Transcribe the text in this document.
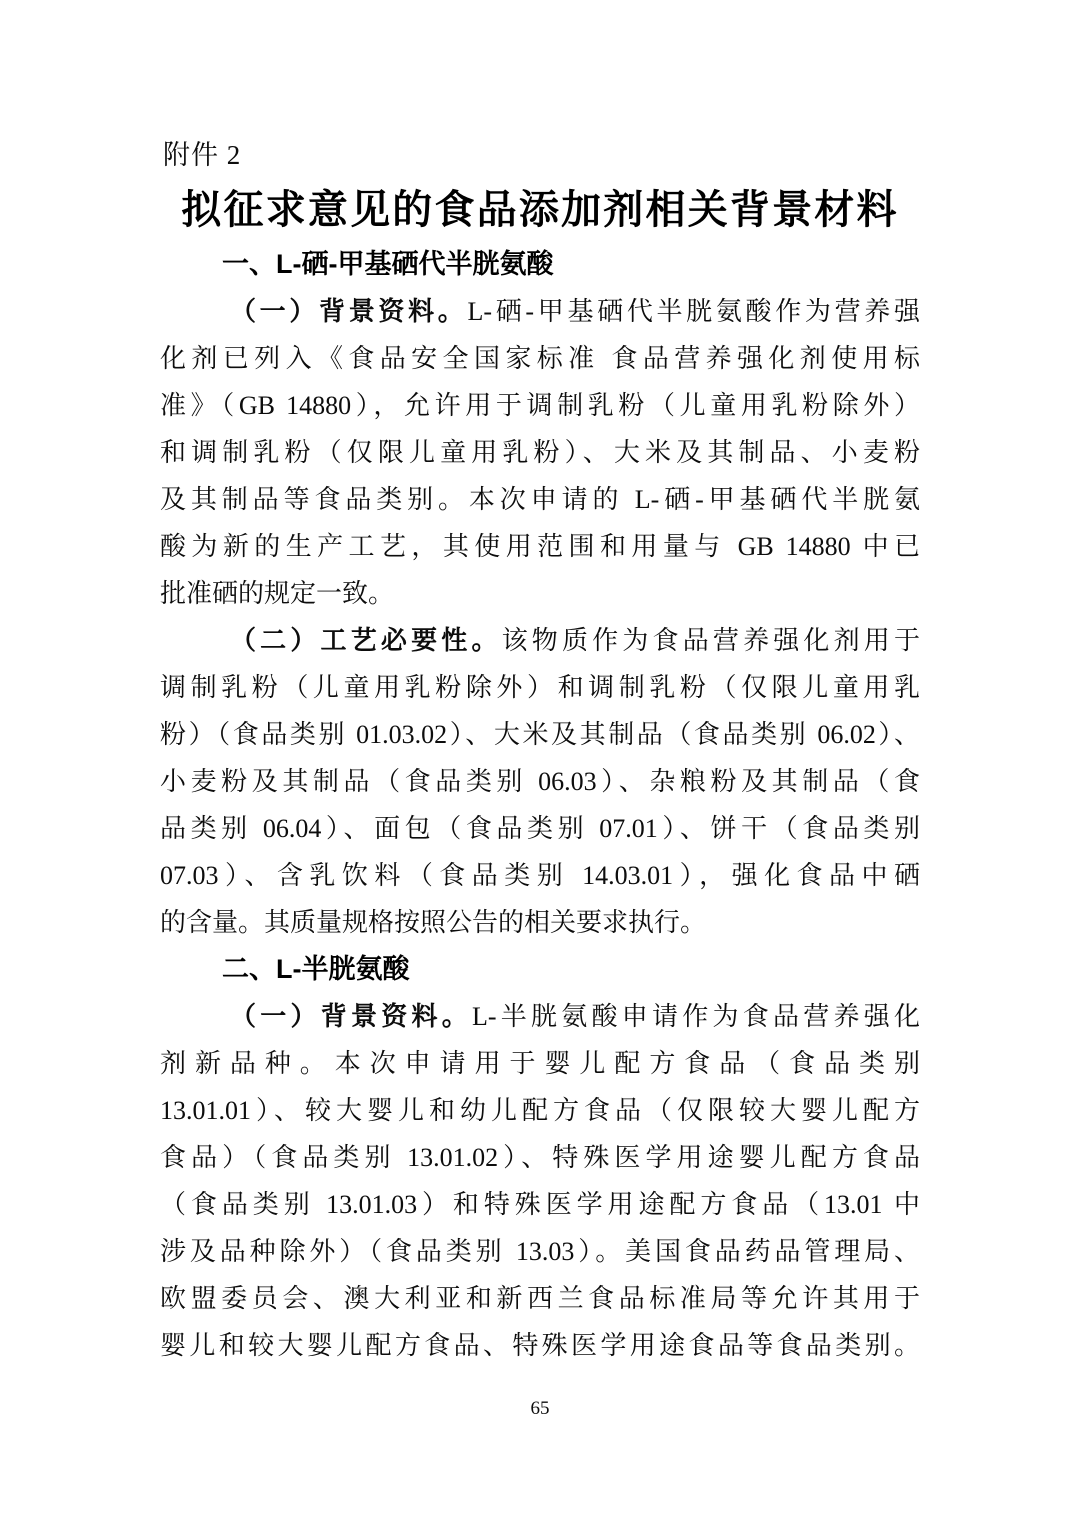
附件 2
拟征求意见的食品添加剂相关背景材料
一、L-硒-甲基硒代半胱氨酸
（一）背景资料。L-硒-甲基硒代半胱氨酸作为营养强
化剂已列入《食品安全国家标准 食品营养强化剂使用标
准》（GB 14880），允许用于调制乳粉（儿童用乳粉除外）
和调制乳粉（仅限儿童用乳粉）、大米及其制品、小麦粉
及其制品等食品类别。本次申请的 L-硒-甲基硒代半胱氨
酸为新的生产工艺，其使用范围和用量与 GB 14880 中已
批准硒的规定一致。
（二）工艺必要性。该物质作为食品营养强化剂用于
调制乳粉（儿童用乳粉除外）和调制乳粉（仅限儿童用乳
粉）（食品类别 01.03.02）、大米及其制品（食品类别 06.02）、
小麦粉及其制品（食品类别 06.03）、杂粮粉及其制品（食
品类别 06.04）、面包（食品类别 07.01）、饼干（食品类别
07.03）、含乳饮料（食品类别 14.03.01），强化食品中硒
的含量。其质量规格按照公告的相关要求执行。
二、L-半胱氨酸
（一）背景资料。L-半胱氨酸申请作为食品营养强化
剂新品种。本次申请用于婴儿配方食品（食品类别
13.01.01）、较大婴儿和幼儿配方食品（仅限较大婴儿配方
食品）（食品类别 13.01.02）、特殊医学用途婴儿配方食品
（食品类别 13.01.03）和特殊医学用途配方食品（13.01 中
涉及品种除外）（食品类别 13.03）。美国食品药品管理局、
欧盟委员会、澳大利亚和新西兰食品标准局等允许其用于
婴儿和较大婴儿配方食品、特殊医学用途食品等食品类别。
65
